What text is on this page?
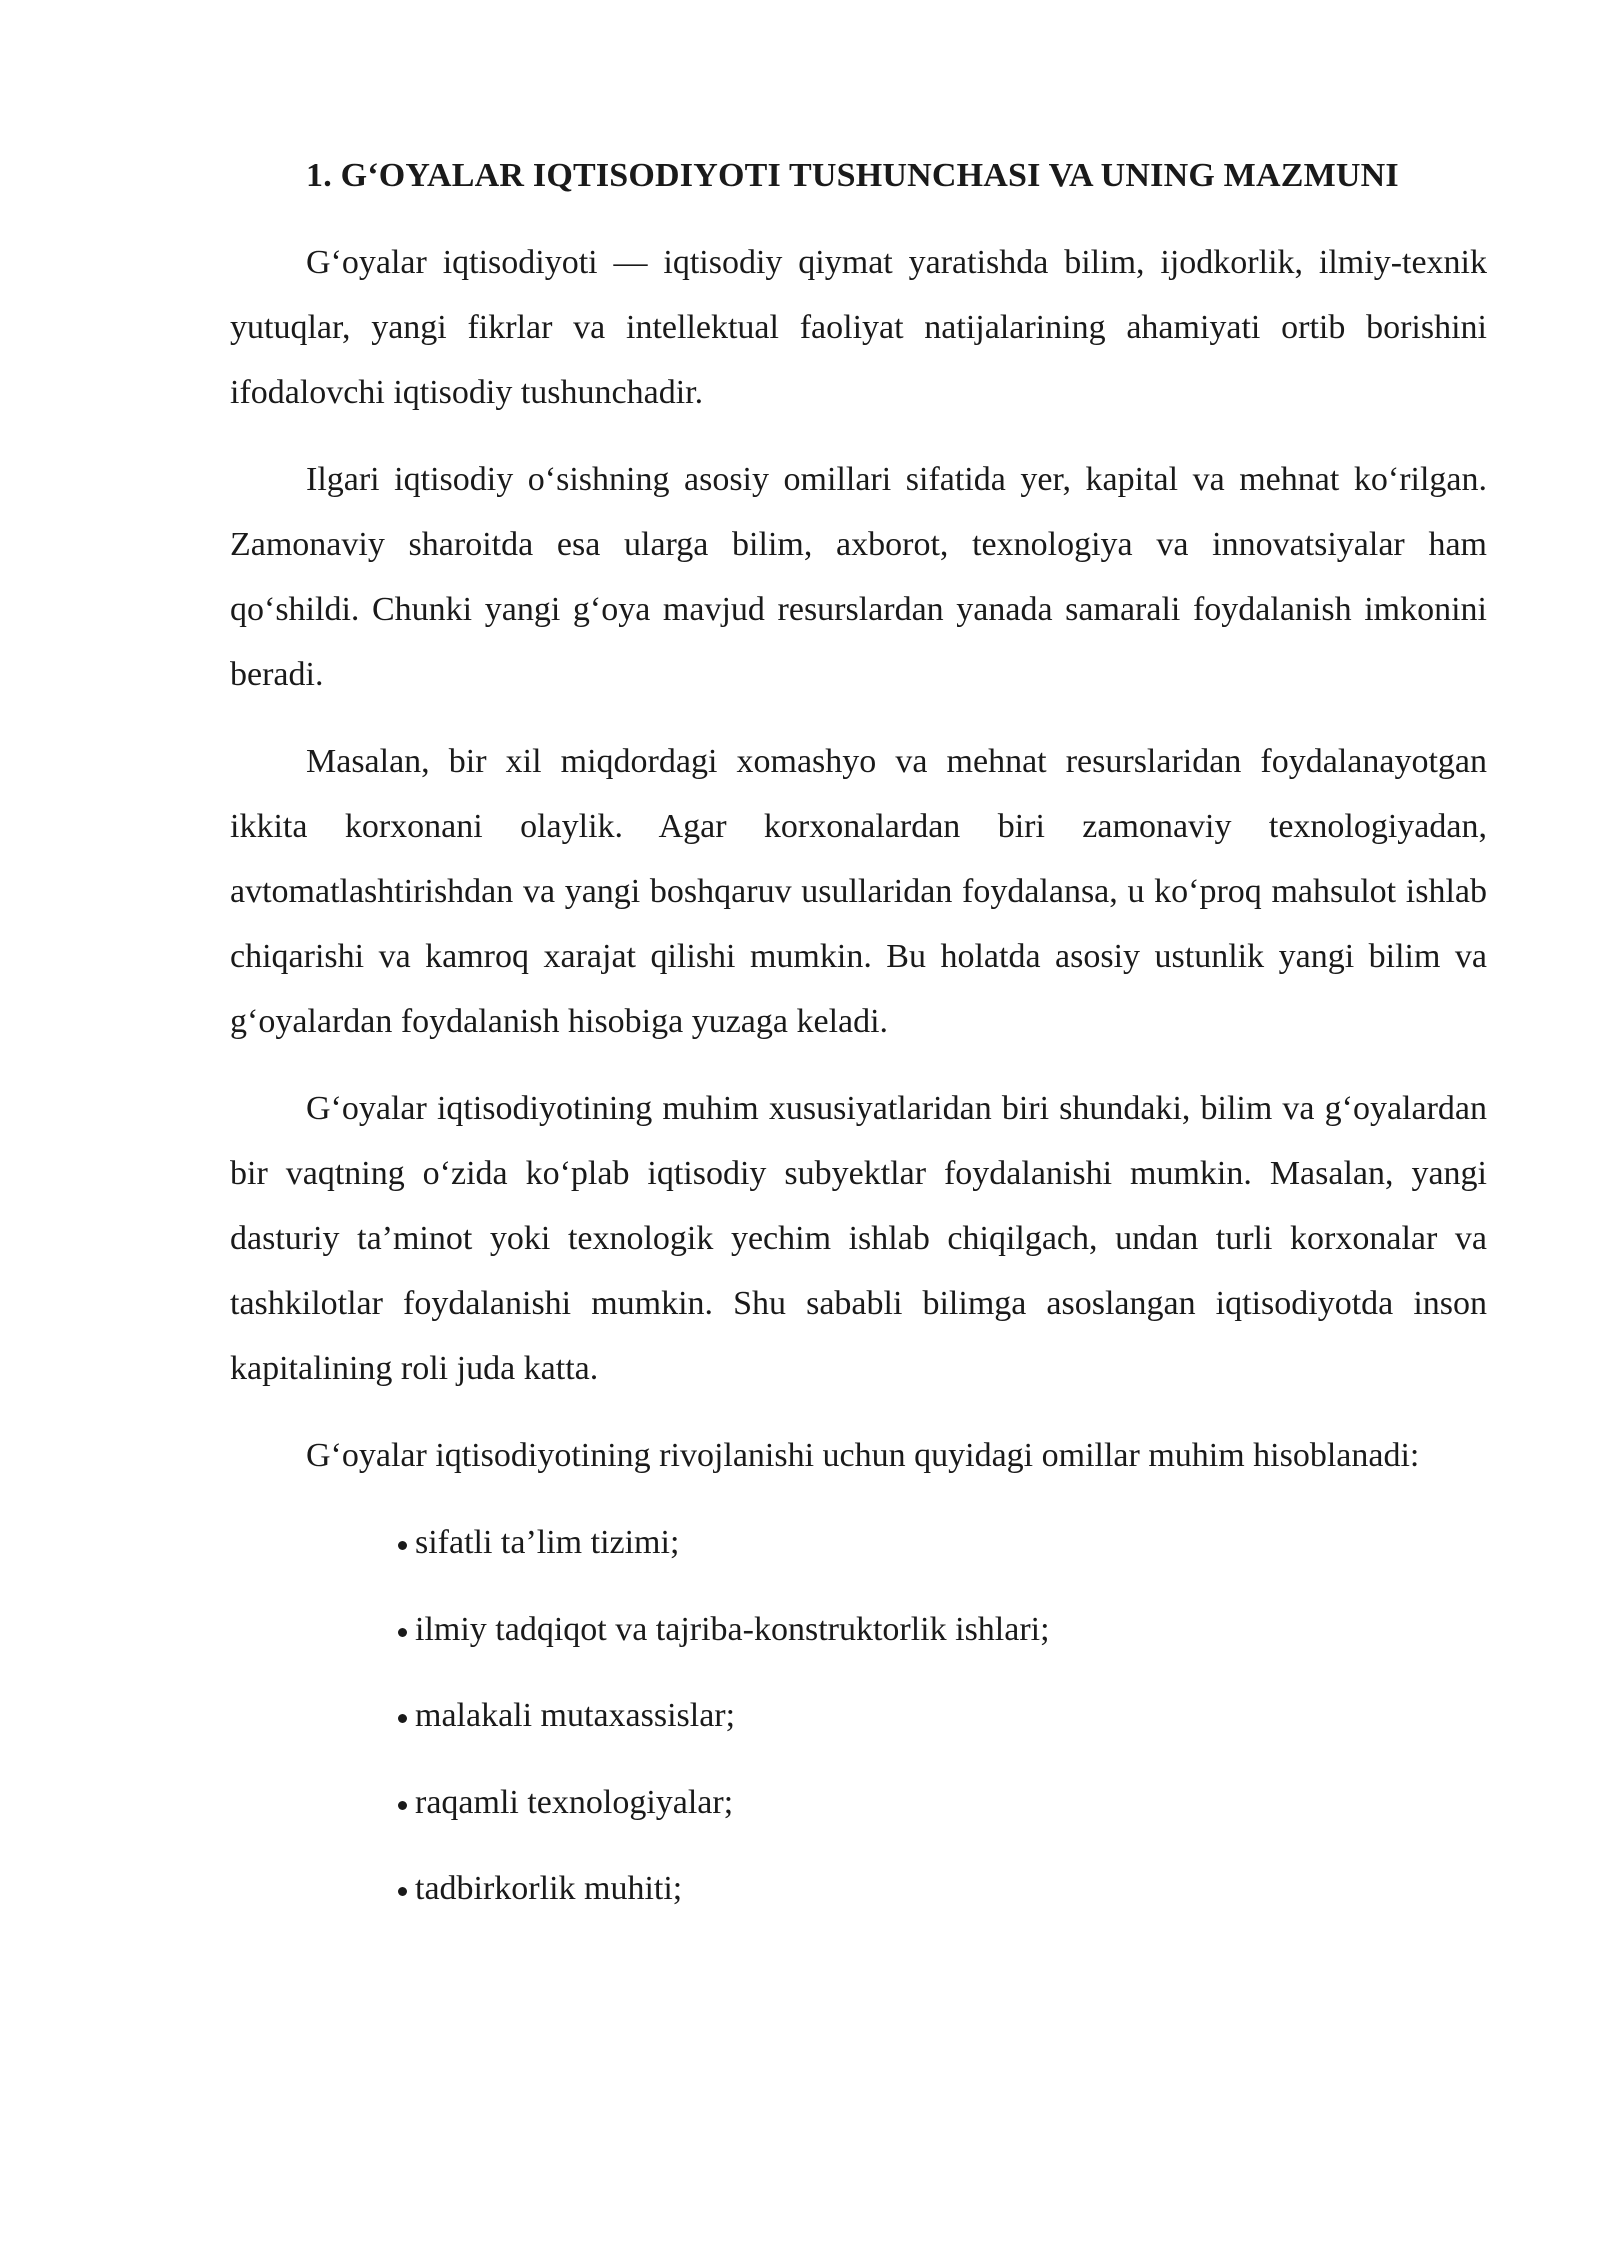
1. G‘OYALAR IQTISODIYOTI TUSHUNCHASI VA UNING MAZMUNI

G‘oyalar iqtisodiyoti — iqtisodiy qiymat yaratishda bilim, ijodkorlik, ilmiy-texnik yutuqlar, yangi fikrlar va intellektual faoliyat natijalarining ahamiyati ortib borishini ifodalovchi iqtisodiy tushunchadir.

Ilgari iqtisodiy o‘sishning asosiy omillari sifatida yer, kapital va mehnat ko‘rilgan. Zamonaviy sharoitda esa ularga bilim, axborot, texnologiya va innovatsiyalar ham qo‘shildi. Chunki yangi g‘oya mavjud resurslardan yanada samarali foydalanish imkonini beradi.

Masalan, bir xil miqdordagi xomashyo va mehnat resurslaridan foydalanayotgan ikkita korxonani olaylik. Agar korxonalardan biri zamonaviy texnologiyadan, avtomatlashtirishdan va yangi boshqaruv usullaridan foydalansa, u ko‘proq mahsulot ishlab chiqarishi va kamroq xarajat qilishi mumkin. Bu holatda asosiy ustunlik yangi bilim va g‘oyalardan foydalanish hisobiga yuzaga keladi.

G‘oyalar iqtisodiyotining muhim xususiyatlaridan biri shundaki, bilim va g‘oyalardan bir vaqtning o‘zida ko‘plab iqtisodiy subyektlar foydalanishi mumkin. Masalan, yangi dasturiy ta’minot yoki texnologik yechim ishlab chiqilgach, undan turli korxonalar va tashkilotlar foydalanishi mumkin. Shu sababli bilimga asoslangan iqtisodiyotda inson kapitalining roli juda katta.

G‘oyalar iqtisodiyotining rivojlanishi uchun quyidagi omillar muhim hisoblanadi:

sifatli ta’lim tizimi;
ilmiy tadqiqot va tajriba-konstruktorlik ishlari;
malakali mutaxassislar;
raqamli texnologiyalar;
tadbirkorlik muhiti;
